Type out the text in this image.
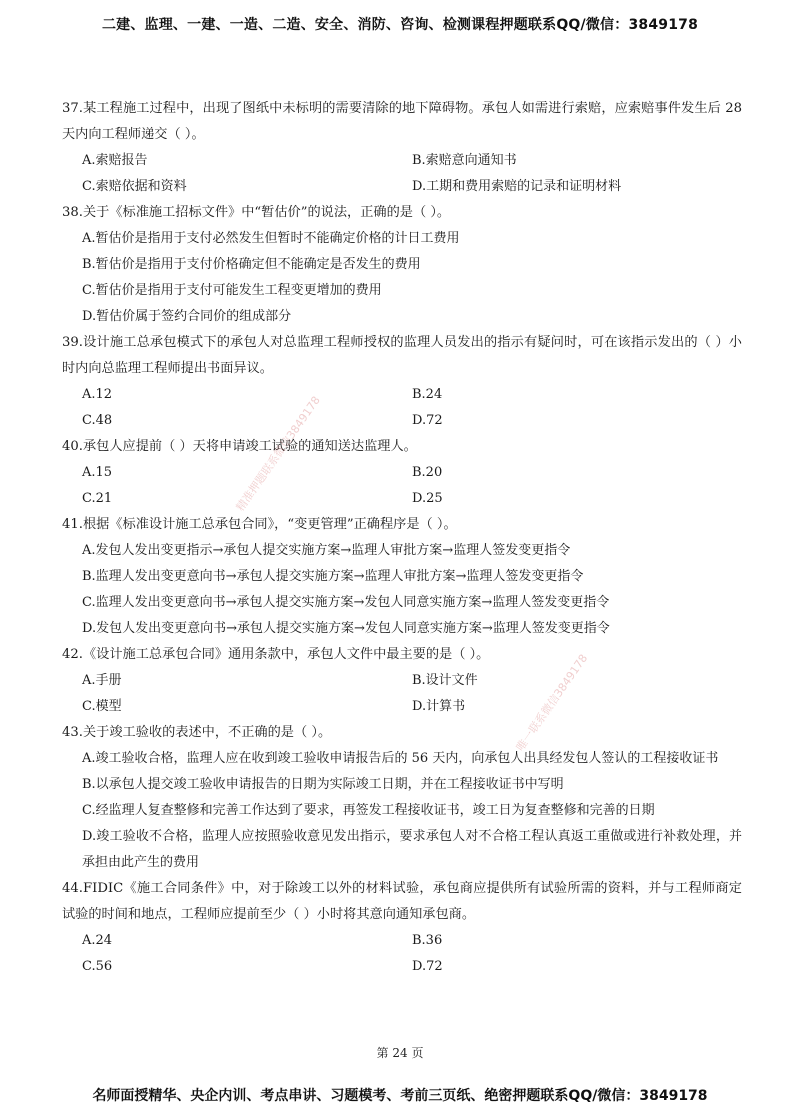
二建、监理、一建、一造、二造、安全、消防、咨询、检测课程押题联系QQ/微信：3849178

37.某工程施工过程中，出现了图纸中未标明的需要清除的地下障碍物。承包人如需进行索赔，应索赔事件发生后 28 天内向工程师递交（ ）。

A.索赔报告	B.索赔意向通知书

C.索赔依据和资料	D.工期和费用索赔的记录和证明材料

38.关于《标准施工招标文件》中“暂估价”的说法，正确的是（ ）。

A.暂估价是指用于支付必然发生但暂时不能确定价格的计日工费用

B.暂估价是指用于支付价格确定但不能确定是否发生的费用

C.暂估价是指用于支付可能发生工程变更增加的费用

D.暂估价属于签约合同价的组成部分

39.设计施工总承包模式下的承包人对总监理工程师授权的监理人员发出的指示有疑问时，可在该指示发出的（ ）小时内向总监理工程师提出书面异议。

A.12	B.24

C.48	D.72

40.承包人应提前（ ）天将申请竣工试验的通知送达监理人。

A.15	B.20

C.21	D.25

41.根据《标准设计施工总承包合同》，“变更管理”正确程序是（ ）。

A.发包人发出变更指示→承包人提交实施方案→监理人审批方案→监理人签发变更指令

B.监理人发出变更意向书→承包人提交实施方案→监理人审批方案→监理人签发变更指令

C.监理人发出变更意向书→承包人提交实施方案→发包人同意实施方案→监理人签发变更指令

D.发包人发出变更意向书→承包人提交实施方案→发包人同意实施方案→监理人签发变更指令

42.《设计施工总承包合同》通用条款中，承包人文件中最主要的是（ ）。

A.手册	B.设计文件

C.模型	D.计算书

43.关于竣工验收的表述中，不正确的是（ ）。

A.竣工验收合格，监理人应在收到竣工验收申请报告后的 56 天内，向承包人出具经发包人签认的工程接收证书

B.以承包人提交竣工验收申请报告的日期为实际竣工日期，并在工程接收证书中写明

C.经监理人复查整修和完善工作达到了要求，再签发工程接收证书，竣工日为复查整修和完善的日期

D.竣工验收不合格，监理人应按照验收意见发出指示，要求承包人对不合格工程认真返工重做或进行补救处理，并承担由此产生的费用

44.FIDIC《施工合同条件》中，对于除竣工以外的材料试验，承包商应提供所有试验所需的资料，并与工程师商定试验的时间和地点，工程师应提前至少（ ）小时将其意向通知承包商。

A.24	B.36

C.56	D.72

精准押题联系微信3849178
唯一联系微信3849178
第 24 页
名师面授精华、央企内训、考点串讲、习题模考、考前三页纸、绝密押题联系QQ/微信：3849178
